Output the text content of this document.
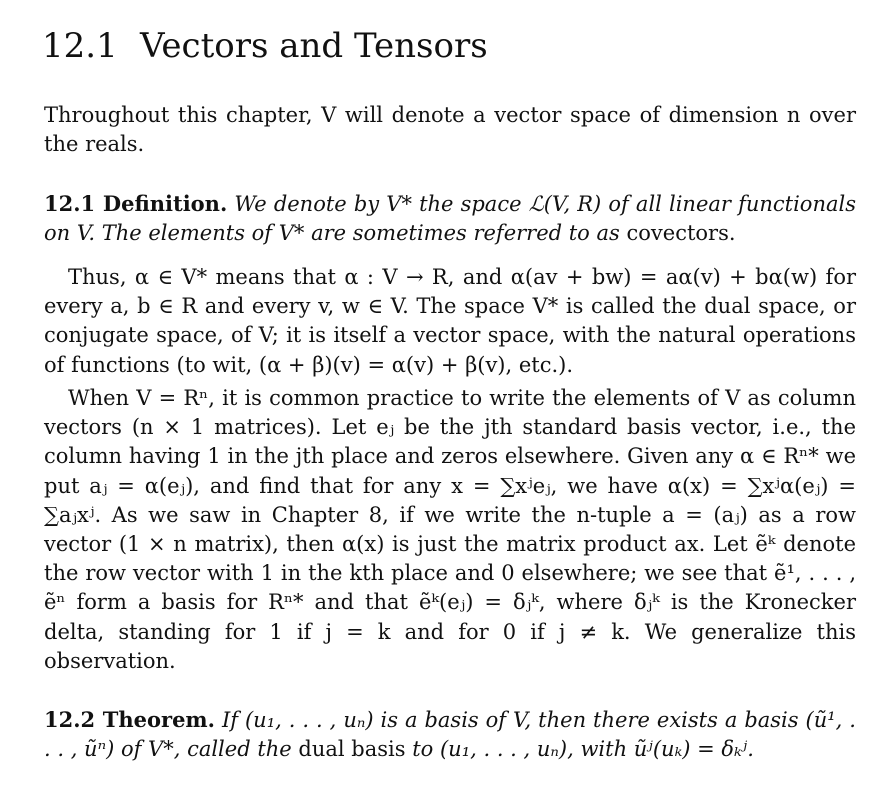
12.1 Vectors and Tensors

Throughout this chapter, V will denote a vector space of dimension n over the reals.

12.1 Definition. We denote by V* the space ℒ(V, R) of all linear functionals on V. The elements of V* are sometimes referred to as covectors.

Thus, α ∈ V* means that α : V → R, and α(av + bw) = aα(v) + bα(w) for every a, b ∈ R and every v, w ∈ V. The space V* is called the dual space, or conjugate space, of V; it is itself a vector space, with the natural operations of functions (to wit, (α + β)(v) = α(v) + β(v), etc.).

When V = Rⁿ, it is common practice to write the elements of V as column vectors (n × 1 matrices). Let eⱼ be the jth standard basis vector, i.e., the column having 1 in the jth place and zeros elsewhere. Given any α ∈ Rⁿ* we put aⱼ = α(eⱼ), and find that for any x = ∑xʲeⱼ, we have α(x) = ∑xʲα(eⱼ) = ∑aⱼxʲ. As we saw in Chapter 8, if we write the n-tuple a = (aⱼ) as a row vector (1 × n matrix), then α(x) is just the matrix product ax. Let ẽᵏ denote the row vector with 1 in the kth place and 0 elsewhere; we see that ẽ¹, . . . , ẽⁿ form a basis for Rⁿ* and that ẽᵏ(eⱼ) = δⱼᵏ, where δⱼᵏ is the Kronecker delta, standing for 1 if j = k and for 0 if j ≠ k. We generalize this observation.

12.2 Theorem. If (u₁, . . . , uₙ) is a basis of V, then there exists a basis (ũ¹, . . . , ũⁿ) of V*, called the dual basis to (u₁, . . . , uₙ), with ũʲ(uₖ) = δₖʲ.
